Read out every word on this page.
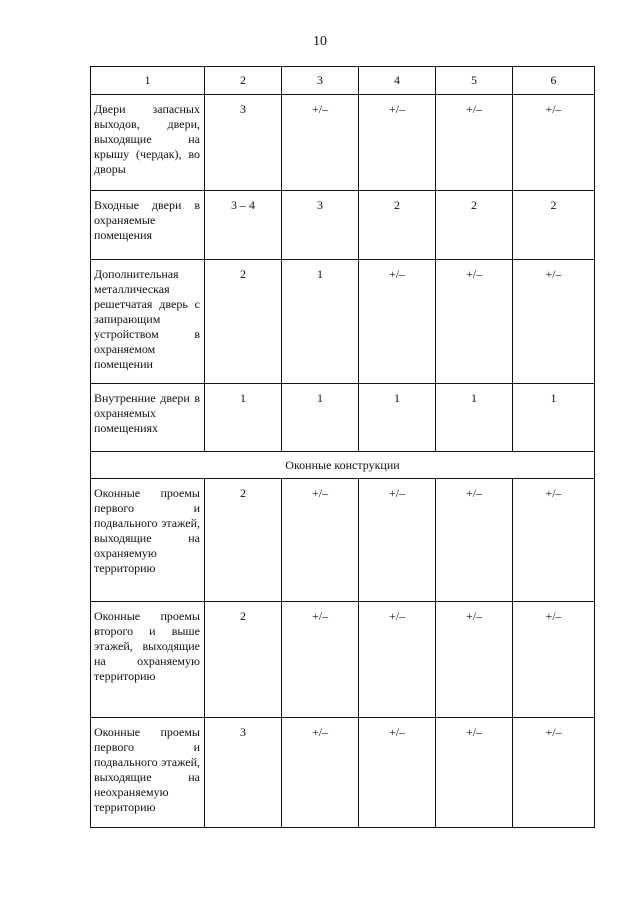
10
1	2	3	4	5	6
Двери запасных выходов, двери, выходящие на крышу (чердак), во дворы	3	+/–	+/–	+/–	+/–
Входные двери в охраняемые помещения	3 – 4	3	2	2	2
Дополнительная металлическая решетчатая дверь с запирающим устройством в охраняемом помещении	2	1	+/–	+/–	+/–
Внутренние двери в охраняемых помещениях	1	1	1	1	1
Оконные конструкции					
Оконные проемы первого и подвального этажей, выходящие на охраняемую территорию	2	+/–	+/–	+/–	+/–
Оконные проемы второго и выше этажей, выходящие на охраняемую территорию	2	+/–	+/–	+/–	+/–
Оконные проемы первого и подвального этажей, выходящие на неохраняемую территорию	3	+/–	+/–	+/–	+/–
